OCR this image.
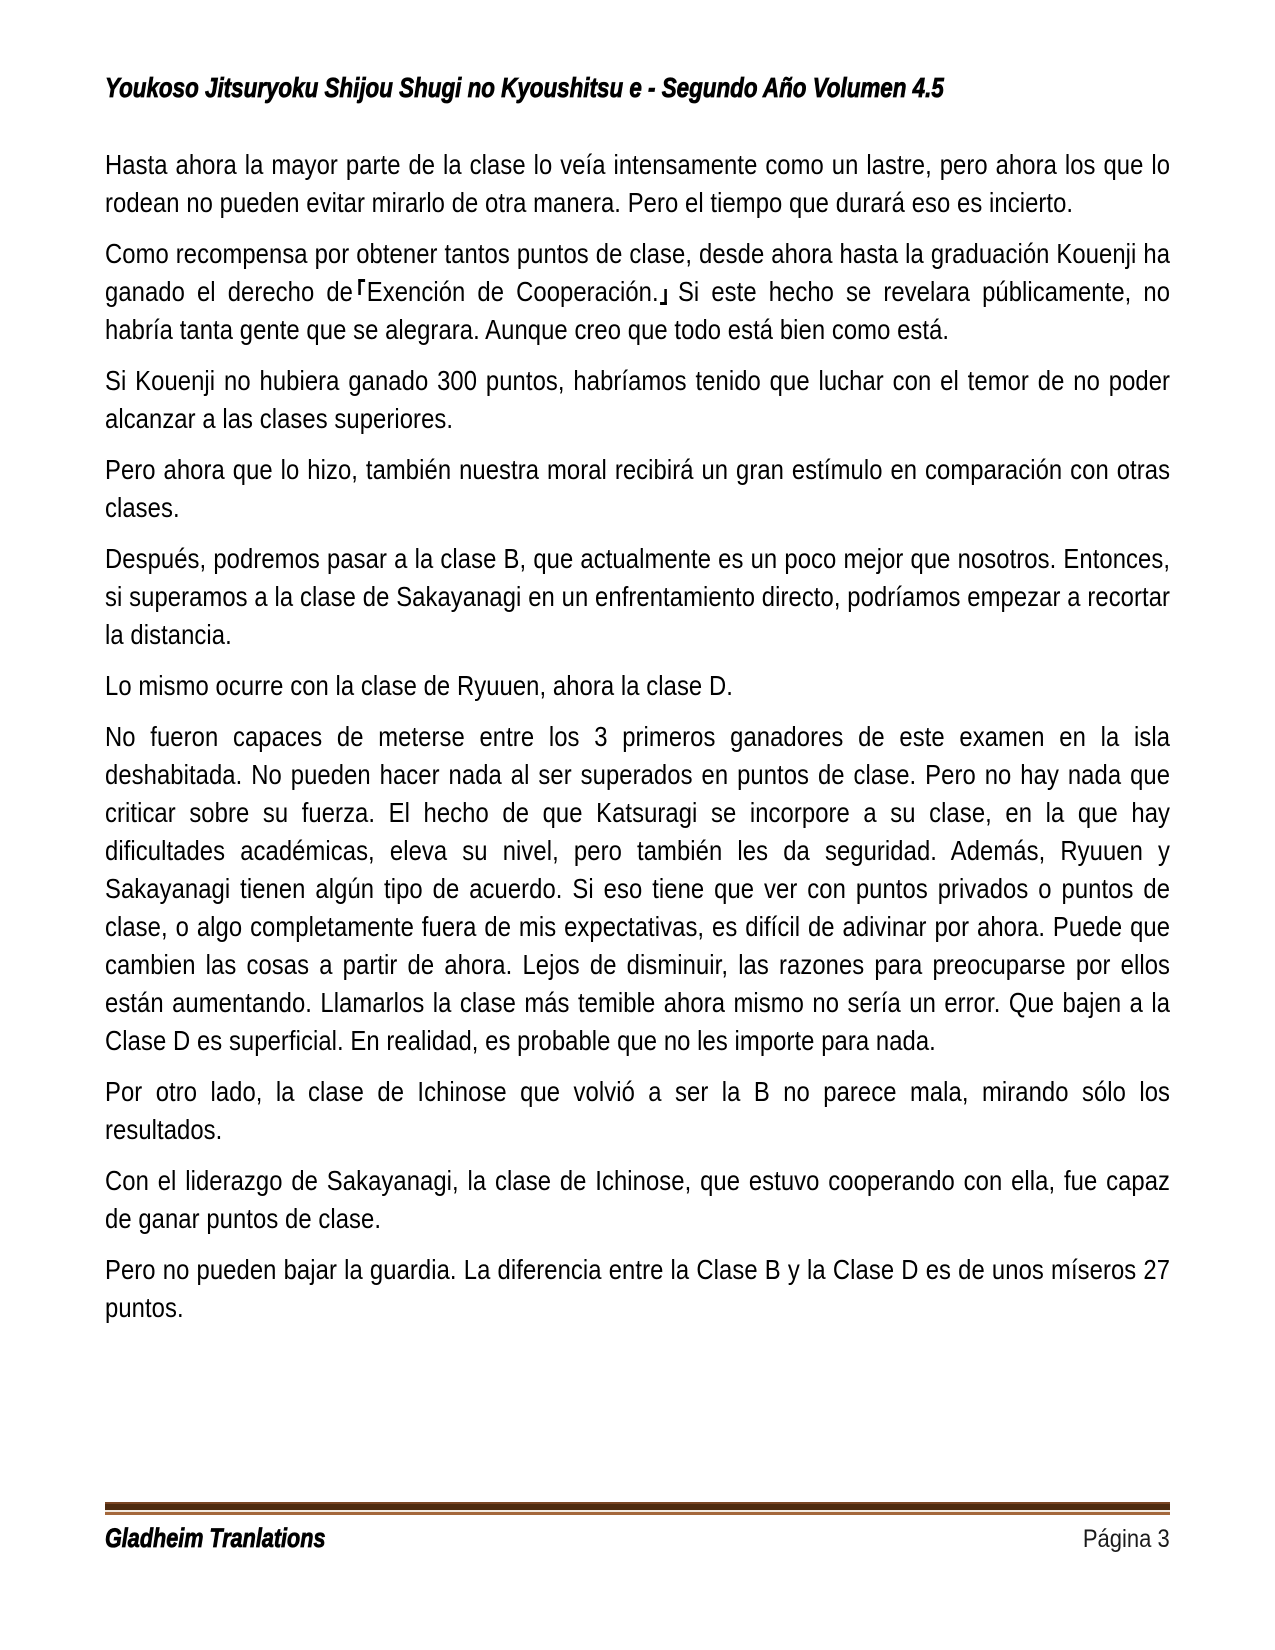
Youkoso Jitsuryoku Shijou Shugi no Kyoushitsu e - Segundo Año Volumen 4.5

Hasta ahora la mayor parte de la clase lo veía intensamente como un lastre, pero ahora los que lo rodean no pueden evitar mirarlo de otra manera. Pero el tiempo que durará eso es incierto.

Como recompensa por obtener tantos puntos de clase, desde ahora hasta la graduación Kouenji ha ganado el derecho de Exención de Cooperación. Si este hecho se revelara públicamente, no habría tanta gente que se alegrara. Aunque creo que todo está bien como está.

Si Kouenji no hubiera ganado 300 puntos, habríamos tenido que luchar con el temor de no poder alcanzar a las clases superiores.

Pero ahora que lo hizo, también nuestra moral recibirá un gran estímulo en comparación con otras clases.

Después, podremos pasar a la clase B, que actualmente es un poco mejor que nosotros. Entonces, si superamos a la clase de Sakayanagi en un enfrentamiento directo, podríamos empezar a recortar la distancia.

Lo mismo ocurre con la clase de Ryuuen, ahora la clase D.

No fueron capaces de meterse entre los 3 primeros ganadores de este examen en la isla deshabitada. No pueden hacer nada al ser superados en puntos de clase. Pero no hay nada que criticar sobre su fuerza. El hecho de que Katsuragi se incorpore a su clase, en la que hay dificultades académicas, eleva su nivel, pero también les da seguridad. Además, Ryuuen y Sakayanagi tienen algún tipo de acuerdo. Si eso tiene que ver con puntos privados o puntos de clase, o algo completamente fuera de mis expectativas, es difícil de adivinar por ahora. Puede que cambien las cosas a partir de ahora. Lejos de disminuir, las razones para preocuparse por ellos están aumentando. Llamarlos la clase más temible ahora mismo no sería un error. Que bajen a la Clase D es superficial. En realidad, es probable que no les importe para nada.

Por otro lado, la clase de Ichinose que volvió a ser la B no parece mala, mirando sólo los resultados.

Con el liderazgo de Sakayanagi, la clase de Ichinose, que estuvo cooperando con ella, fue capaz de ganar puntos de clase.

Pero no pueden bajar la guardia. La diferencia entre la Clase B y la Clase D es de unos míseros 27 puntos.

Gladheim Tranlations	Página 3
